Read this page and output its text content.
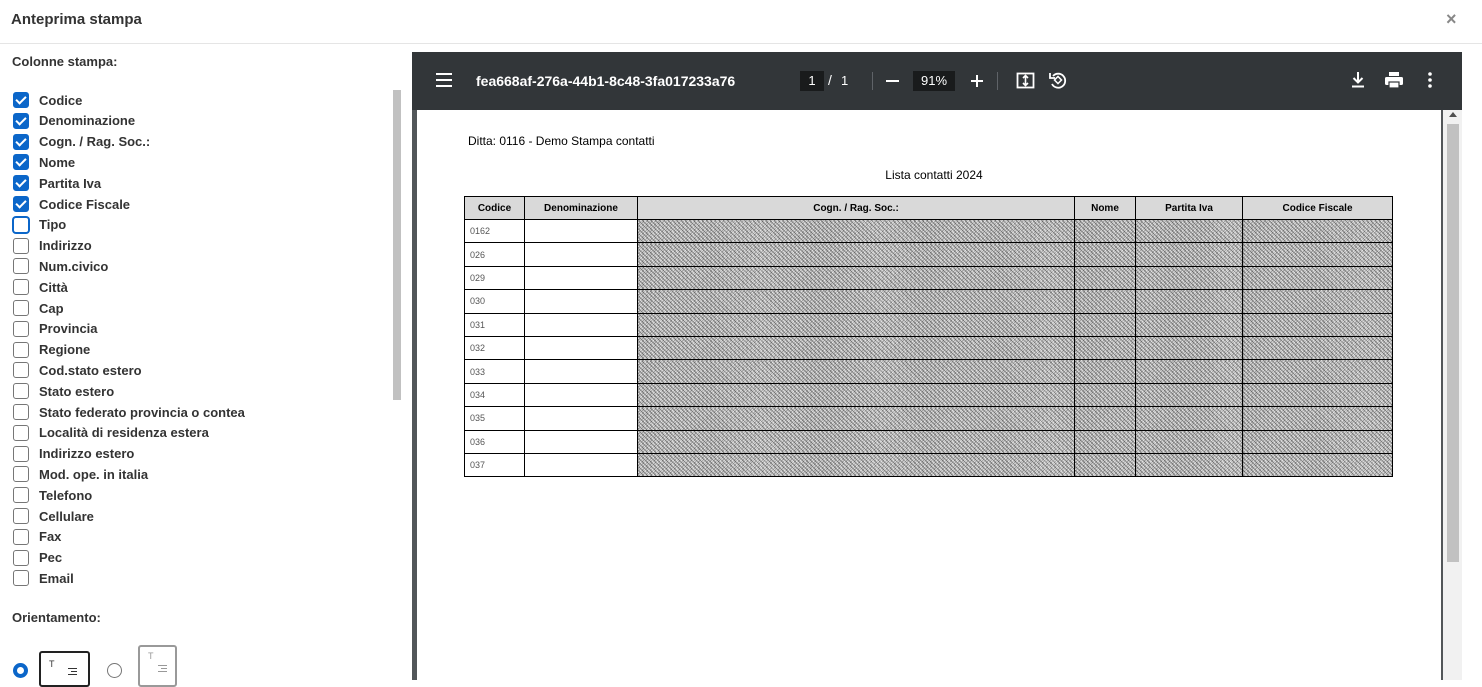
Anteprima stampa	×
Colonne stampa:
Codice
Denominazione
Cogn. / Rag. Soc.:
Nome
Partita Iva
Codice Fiscale
Tipo
Indirizzo
Num.civico
Città
Cap
Provincia
Regione
Cod.stato estero
Stato estero
Stato federato provincia o contea
Località di residenza estera
Indirizzo estero
Mod. ope. in italia
Telefono
Cellulare
Fax
Pec
Email
Orientamento:
T
T
fea668af-276a-44b1-8c48-3fa017233a76	1 / 1	91%
Ditta: 0116 - Demo Stampa contatti
Lista contatti 2024
Codice	Denominazione	Cogn. / Rag. Soc.:	Nome	Partita Iva	Codice Fiscale
0162					
026					
029					
030					
031					
032					
033					
034					
035					
036					
037					
